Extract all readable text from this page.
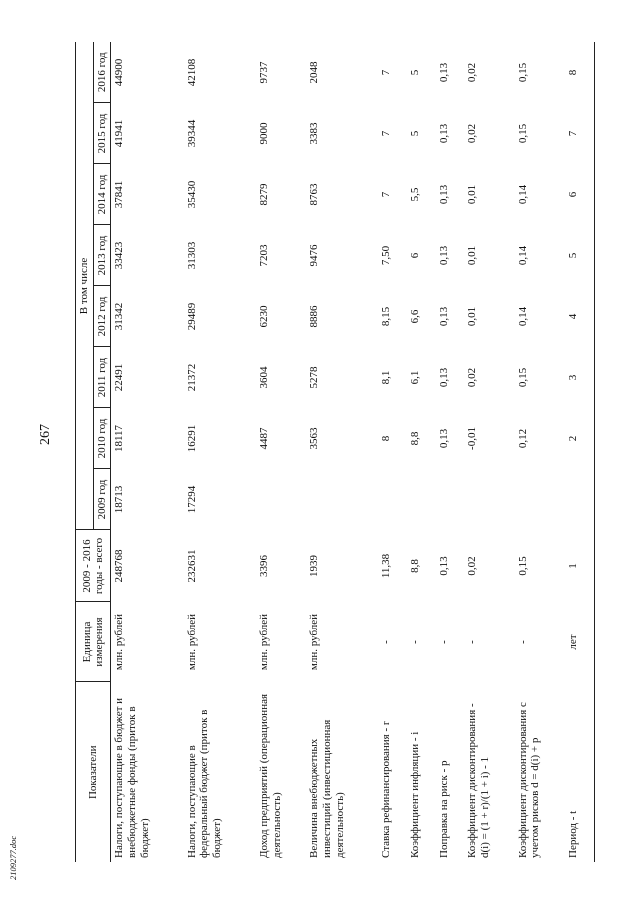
267
2109277.doc
Показатели	Единица измерения	2009 - 2016 годы - всего				В том числе				
			2009 год	2010 год	2011 год	2012 год	2013 год	2014 год	2015 год	2016 год
Налоги, поступающие в бюджет и внебюджетные фонды (приток в бюджет)	млн. рублей	248768	18713	18117	22491	31342	33423	37841	41941	44900
Налоги, поступающие в федеральный бюджет (приток в бюджет)	млн. рублей	232631	17294	16291	21372	29489	31303	35430	39344	42108
Доход предприятий (операционная деятельность)	млн. рублей	3396		4487	3604	6230	7203	8279	9000	9737
Величина внебюджетных инвестиций (инвестиционная деятельность)	млн. рублей	1939		3563	5278	8886	9476	8763	3383	2048
Ставка рефинансирования - r	-	11,38		8	8,1	8,15	7,50	7	7	7
Коэффициент инфляции - i	-	8,8		8,8	6,1	6,6	6	5,5	5	5
Поправка на риск - p	-	0,13		0,13	0,13	0,13	0,13	0,13	0,13	0,13
Коэффициент дисконтирования - d(i) = (1 + r)/(1 + i) - 1	-	0,02		-0,01	0,02	0,01	0,01	0,01	0,02	0,02
Коэффициент дисконтирования с учетом рисков d = d(i) + p	-	0,15		0,12	0,15	0,14	0,14	0,14	0,15	0,15
Период - t	лет	1		2	3	4	5	6	7	8
